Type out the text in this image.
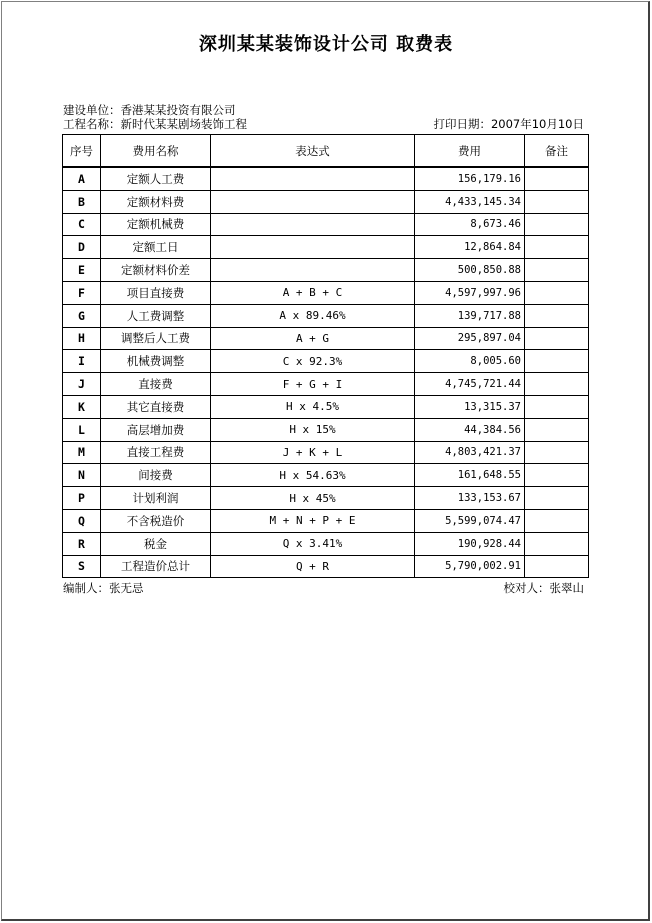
深圳某某装饰设计公司 取费表
建设单位：香港某某投资有限公司
工程名称：新时代某某剧场装饰工程	打印日期：2007年10月10日
序号	费用名称	表达式	费用	备注
A	定额人工费		156,179.16	
B	定额材料费		4,433,145.34	
C	定额机械费		8,673.46	
D	定额工日		12,864.84	
E	定额材料价差		500,850.88	
F	项目直接费	A + B + C	4,597,997.96	
G	人工费调整	A x 89.46%	139,717.88	
H	调整后人工费	A + G	295,897.04	
I	机械费调整	C x 92.3%	8,005.60	
J	直接费	F + G + I	4,745,721.44	
K	其它直接费	H x 4.5%	13,315.37	
L	高层增加费	H x 15%	44,384.56	
M	直接工程费	J + K + L	4,803,421.37	
N	间接费	H x 54.63%	161,648.55	
P	计划利润	H x 45%	133,153.67	
Q	不含税造价	M + N + P + E	5,599,074.47	
R	税金	Q x 3.41%	190,928.44	
S	工程造价总计	Q + R	5,790,002.91	
编制人：张无忌	校对人：张翠山
